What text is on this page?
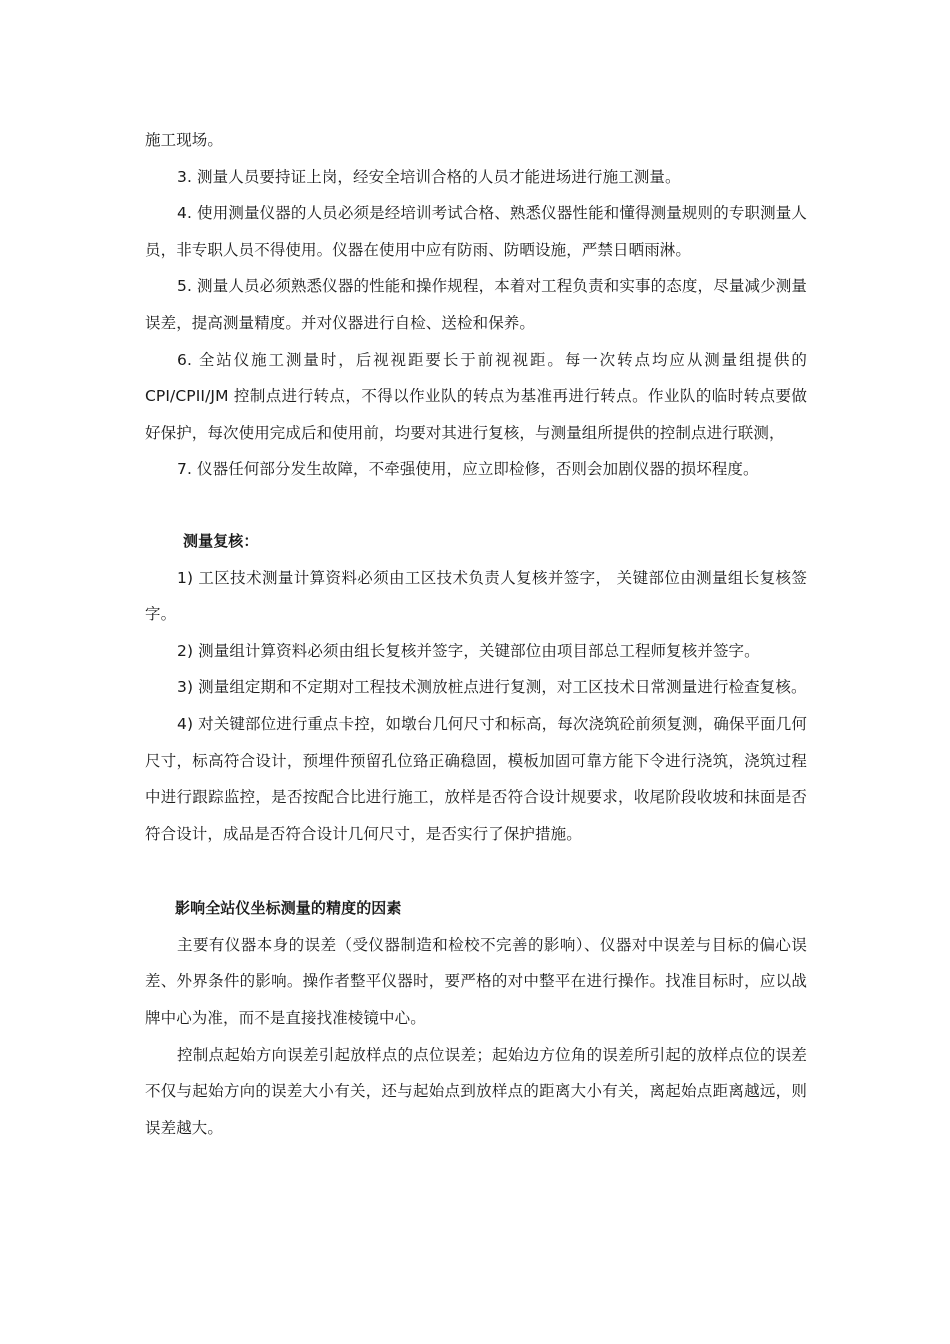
施工现场。

3. 测量人员要持证上岗，经安全培训合格的人员才能进场进行施工测量。

4. 使用测量仪器的人员必须是经培训考试合格、熟悉仪器性能和懂得测量规则的专职测量人员，非专职人员不得使用。仪器在使用中应有防雨、防晒设施，严禁日晒雨淋。

5. 测量人员必须熟悉仪器的性能和操作规程，本着对工程负责和实事的态度，尽量减少测量误差，提高测量精度。并对仪器进行自检、送检和保养。

6. 全站仪施工测量时，后视视距要长于前视视距。每一次转点均应从测量组提供的CPI/CPII/JM 控制点进行转点，不得以作业队的转点为基准再进行转点。作业队的临时转点要做好保护，每次使用完成后和使用前，均要对其进行复核，与测量组所提供的控制点进行联测，

7. 仪器任何部分发生故障，不牵强使用，应立即检修，否则会加剧仪器的损坏程度。

测量复核：

1) 工区技术测量计算资料必须由工区技术负责人复核并签字， 关键部位由测量组长复核签字。

2) 测量组计算资料必须由组长复核并签字，关键部位由项目部总工程师复核并签字。

3) 测量组定期和不定期对工程技术测放桩点进行复测，对工区技术日常测量进行检查复核。

4) 对关键部位进行重点卡控，如墩台几何尺寸和标高，每次浇筑砼前须复测，确保平面几何尺寸，标高符合设计，预埋件预留孔位臵正确稳固，模板加固可靠方能下令进行浇筑，浇筑过程中进行跟踪监控，是否按配合比进行施工，放样是否符合设计规要求，收尾阶段收坡和抹面是否符合设计，成品是否符合设计几何尺寸，是否实行了保护措施。

影响全站仪坐标测量的精度的因素

主要有仪器本身的误差（受仪器制造和检校不完善的影响）、仪器对中误差与目标的偏心误差、外界条件的影响。操作者整平仪器时，要严格的对中整平在进行操作。找准目标时，应以战牌中心为准，而不是直接找准棱镜中心。

控制点起始方向误差引起放样点的点位误差；起始边方位角的误差所引起的放样点位的误差不仅与起始方向的误差大小有关，还与起始点到放样点的距离大小有关，离起始点距离越远，则误差越大。
